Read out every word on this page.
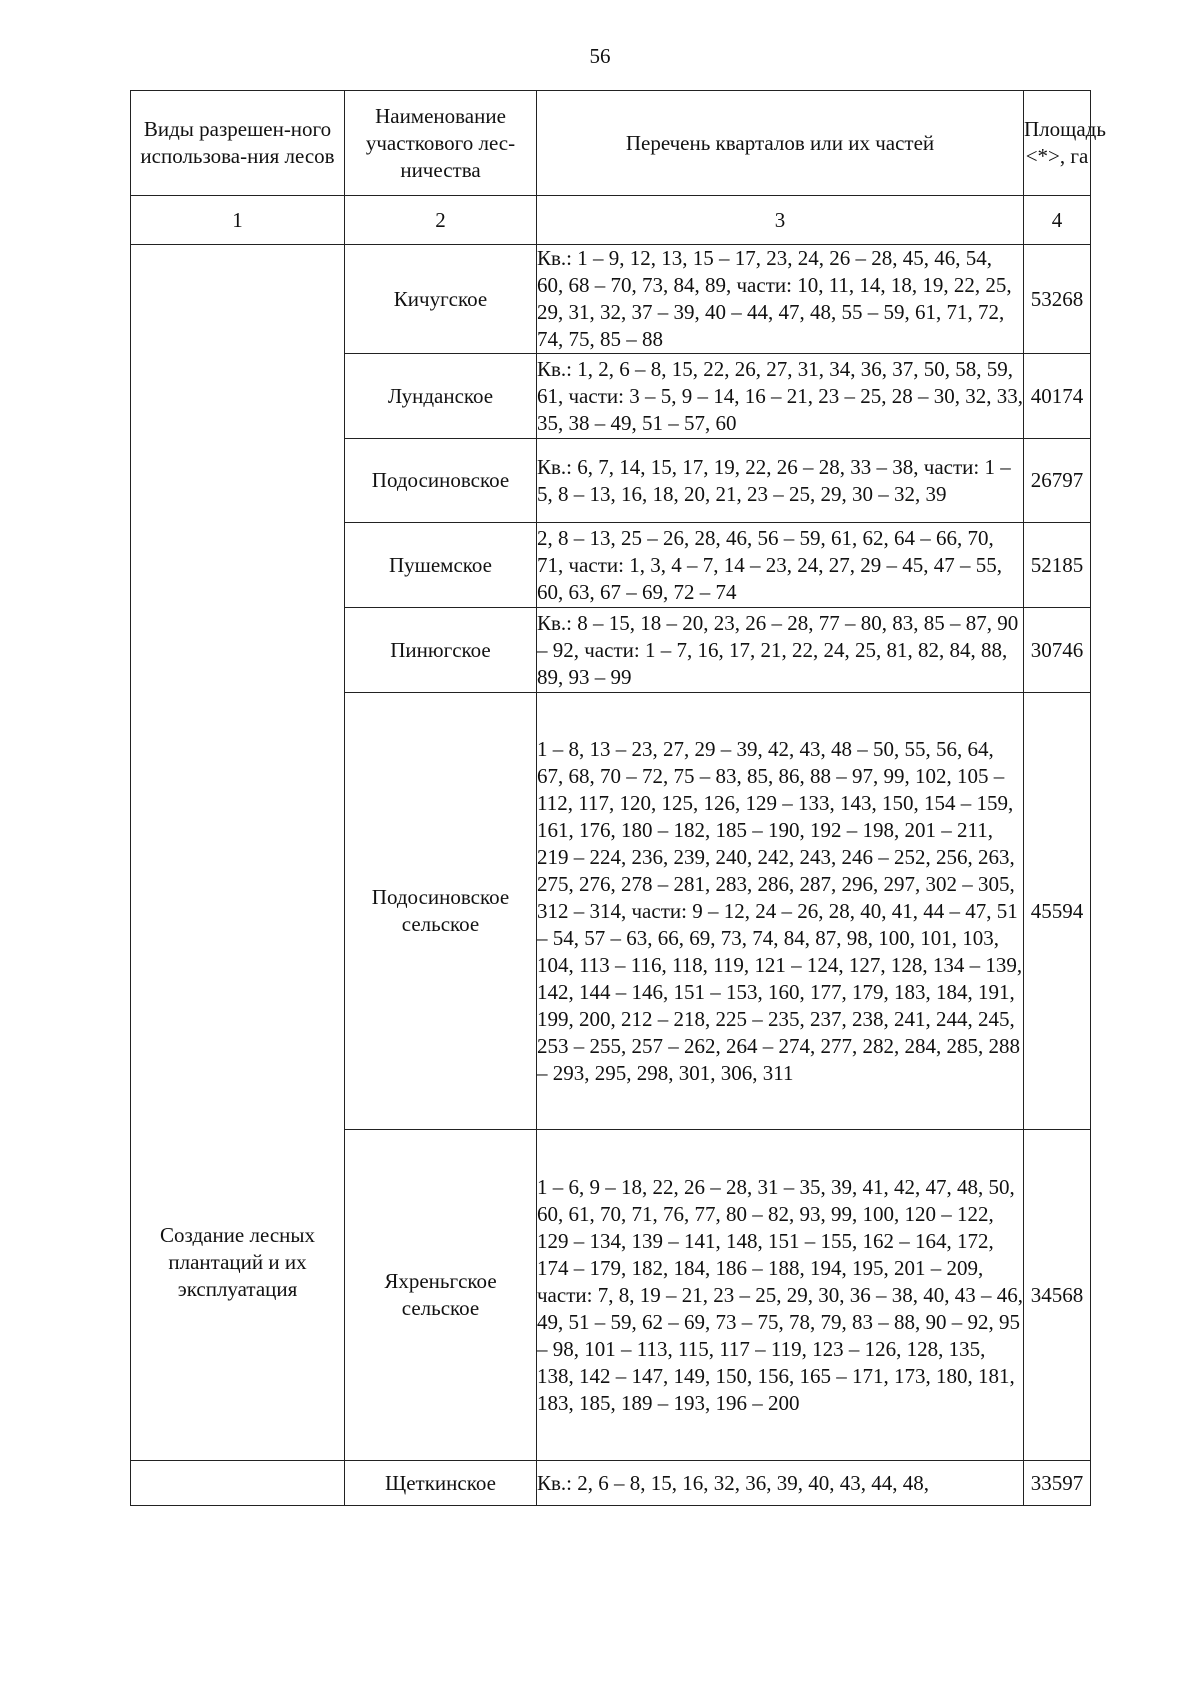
56
Виды разрешен-ного использова-ния лесов	Наименование участкового лес-ничества	Перечень кварталов или их частей	Площадь <*>, га
1	2	3	4
Создание лесных плантаций и их эксплуатация	Кичугское	Кв.: 1 – 9, 12, 13, 15 – 17, 23, 24, 26 – 28, 45, 46, 54, 60, 68 – 70, 73, 84, 89, части: 10, 11, 14, 18, 19, 22, 25, 29, 31, 32, 37 – 39, 40 – 44, 47, 48, 55 – 59, 61, 71, 72, 74, 75, 85 – 88	53268
	Лунданское	Кв.: 1, 2, 6 – 8, 15, 22, 26, 27, 31, 34, 36, 37, 50, 58, 59, 61, части: 3 – 5, 9 – 14, 16 – 21, 23 – 25, 28 – 30, 32, 33, 35, 38 – 49, 51 – 57, 60	40174
	Подосиновское	Кв.: 6, 7, 14, 15, 17, 19, 22, 26 – 28, 33 – 38, части: 1 – 5, 8 – 13, 16, 18, 20, 21, 23 – 25, 29, 30 – 32, 39	26797
	Пушемское	2, 8 – 13, 25 – 26, 28, 46, 56 – 59, 61, 62, 64 – 66, 70, 71, части: 1, 3, 4 – 7, 14 – 23, 24, 27, 29 – 45, 47 – 55, 60, 63, 67 – 69, 72 – 74	52185
	Пинюгское	Кв.: 8 – 15, 18 – 20, 23, 26 – 28, 77 – 80, 83, 85 – 87, 90 – 92, части: 1 – 7, 16, 17, 21, 22, 24, 25, 81, 82, 84, 88, 89, 93 – 99	30746
	Подосиновское сельское	1 – 8, 13 – 23, 27, 29 – 39, 42, 43, 48 – 50, 55, 56, 64, 67, 68, 70 – 72, 75 – 83, 85, 86, 88 – 97, 99, 102, 105 – 112, 117, 120, 125, 126, 129 – 133, 143, 150, 154 – 159, 161, 176, 180 – 182, 185 – 190, 192 – 198, 201 – 211, 219 – 224, 236, 239, 240, 242, 243, 246 – 252, 256, 263, 275, 276, 278 – 281, 283, 286, 287, 296, 297, 302 – 305, 312 – 314, части: 9 – 12, 24 – 26, 28, 40, 41, 44 – 47, 51 – 54, 57 – 63, 66, 69, 73, 74, 84, 87, 98, 100, 101, 103, 104, 113 – 116, 118, 119, 121 – 124, 127, 128, 134 – 139, 142, 144 – 146, 151 – 153, 160, 177, 179, 183, 184, 191, 199, 200, 212 – 218, 225 – 235, 237, 238, 241, 244, 245, 253 – 255, 257 – 262, 264 – 274, 277, 282, 284, 285, 288 – 293, 295, 298, 301, 306, 311	45594
	Яхреньгское сельское	1 – 6, 9 – 18, 22, 26 – 28, 31 – 35, 39, 41, 42, 47, 48, 50, 60, 61, 70, 71, 76, 77, 80 – 82, 93, 99, 100, 120 – 122, 129 – 134, 139 – 141, 148, 151 – 155, 162 – 164, 172, 174 – 179, 182, 184, 186 – 188, 194, 195, 201 – 209, части: 7, 8, 19 – 21, 23 – 25, 29, 30, 36 – 38, 40, 43 – 46, 49, 51 – 59, 62 – 69, 73 – 75, 78, 79, 83 – 88, 90 – 92, 95 – 98, 101 – 113, 115, 117 – 119, 123 – 126, 128, 135, 138, 142 – 147, 149, 150, 156, 165 – 171, 173, 180, 181, 183, 185, 189 – 193, 196 – 200	34568
	Щеткинское	Кв.: 2, 6 – 8, 15, 16, 32, 36, 39, 40, 43, 44, 48,	33597
